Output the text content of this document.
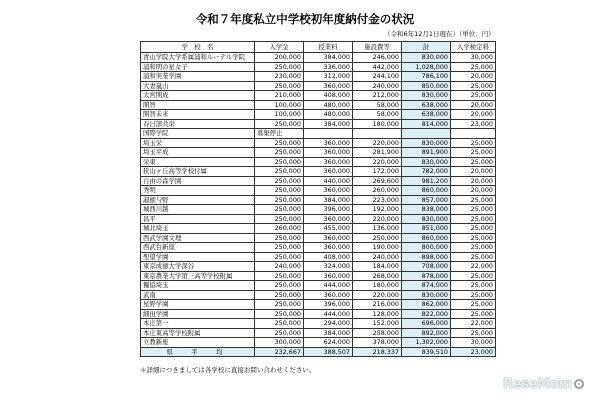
令和７年度私立中学校初年度納付金の状況
（令和6年12月1日現在）（単位：円）
学　校　名	入学金	授業料	施設費等	計	入学検定料
青山学院大学系属浦和ルーテル学院	200,000	384,000	246,000	830,000	30,000
浦和明の星女子	250,000	336,000	442,000	1,028,000	25,000
浦和実業学園	230,000	312,000	244,100	786,100	20,000
大妻嵐山	250,000	360,000	240,000	850,000	25,000
大宮開成	210,000	408,000	212,000	830,000	25,000
開智	100,000	480,000	58,000	638,000	20,000
開智未来	100,000	480,000	58,000	638,000	20,000
春日部共栄	250,000	384,000	180,000	814,000	23,000
国際学院	募集停止				
埼玉栄	250,000	360,000	220,000	830,000	25,000
埼玉平成	250,000	360,000	281,900	891,900	25,000
栄東	250,000	360,000	220,000	830,000	25,000
狭山ヶ丘高等学校付属	250,000	360,000	172,000	782,000	20,000
自由の森学園	250,000	440,000	269,600	981,200	20,000
秀明	250,000	360,000	260,000	860,000	20,000
淑徳与野	250,000	384,000	223,000	857,000	25,000
城西川越	250,000	396,000	192,000	838,000	25,000
昌平	250,000	360,000	220,000	830,000	25,000
城北埼玉	260,000	455,000	136,000	851,000	25,000
西武学園文理	250,000	360,000	250,000	860,000	25,000
西武台新座	250,000	360,000	190,000	800,000	25,000
聖望学園	250,000	408,000	240,000	898,000	25,000
東京成徳大学深谷	240,000	324,000	184,000	708,000	22,000
東京農業大学第三高等学校附属	250,000	360,000	268,000	878,000	25,000
獨協埼玉	250,000	444,000	180,000	874,000	25,000
武南	250,000	360,000	220,000	830,000	25,000
星野学園	250,000	396,000	216,000	862,000	25,000
細田学園	250,000	444,000	128,000	822,000	25,000
本庄第一	250,000	294,000	152,000	696,000	22,000
本庄東高等学校附属	250,000	384,000	258,000	892,000	25,000
立教新座	300,000	624,000	378,000	1,302,000	30,000
県　平　均	232,667	388,507	218,337	839,510	23,000
＊詳細につきましては各学校に直接お問い合わせください。
ReseMom
